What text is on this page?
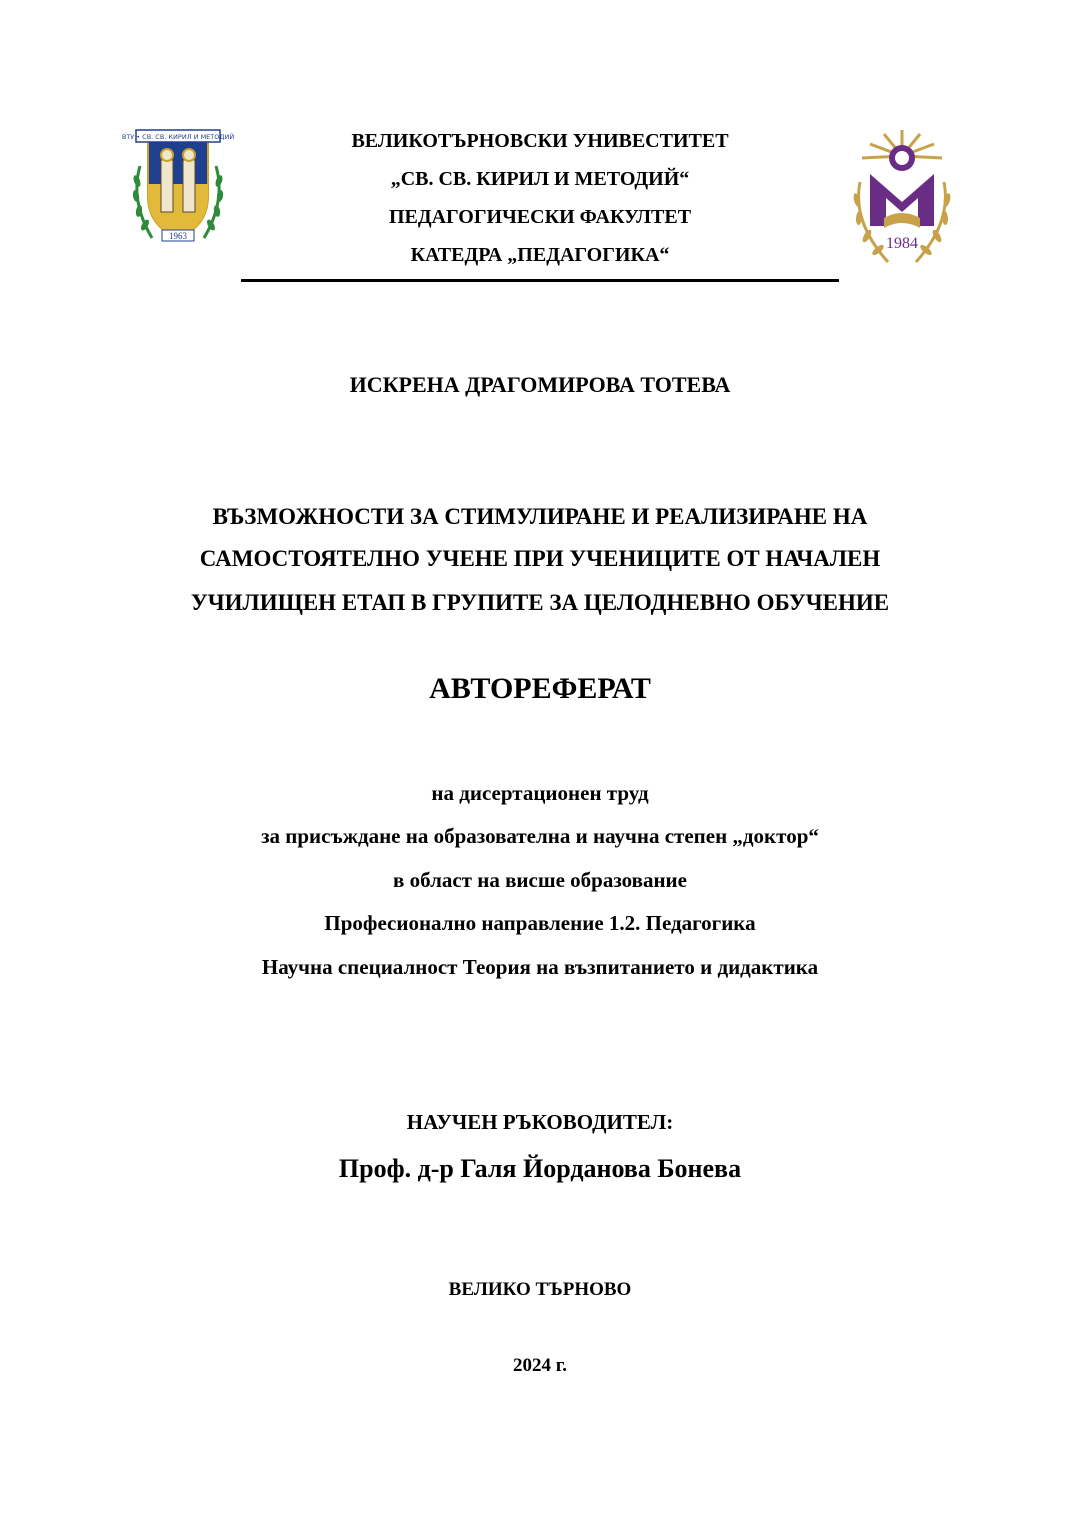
ВТУ • СВ. СВ. КИРИЛ И МЕТОДИЙ
1963
ВЕЛИКОТЪРНОВСКИ УНИВЕСТИТЕТ
„СВ. СВ. КИРИЛ И МЕТОДИЙ“
ПЕДАГОГИЧЕСКИ ФАКУЛТЕТ
КАТЕДРА „ПЕДАГОГИКА“
1984
ИСКРЕНА ДРАГОМИРОВА ТОТЕВА
ВЪЗМОЖНОСТИ ЗА СТИМУЛИРАНЕ И РЕАЛИЗИРАНЕ НА
САМОСТОЯТЕЛНО УЧЕНЕ ПРИ УЧЕНИЦИТЕ ОТ НАЧАЛЕН
УЧИЛИЩЕН ЕТАП В ГРУПИТЕ ЗА ЦЕЛОДНЕВНО ОБУЧЕНИЕ
АВТОРЕФЕРАТ
на дисертационен труд
за присъждане на образователна и научна степен „доктор“
в област на висше образование
Професионално направление 1.2. Педагогика
Научна специалност Теория на възпитанието и дидактика
НАУЧЕН РЪКОВОДИТЕЛ:
Проф. д-р Галя Йорданова Бонева
ВЕЛИКО ТЪРНОВО
2024 г.
